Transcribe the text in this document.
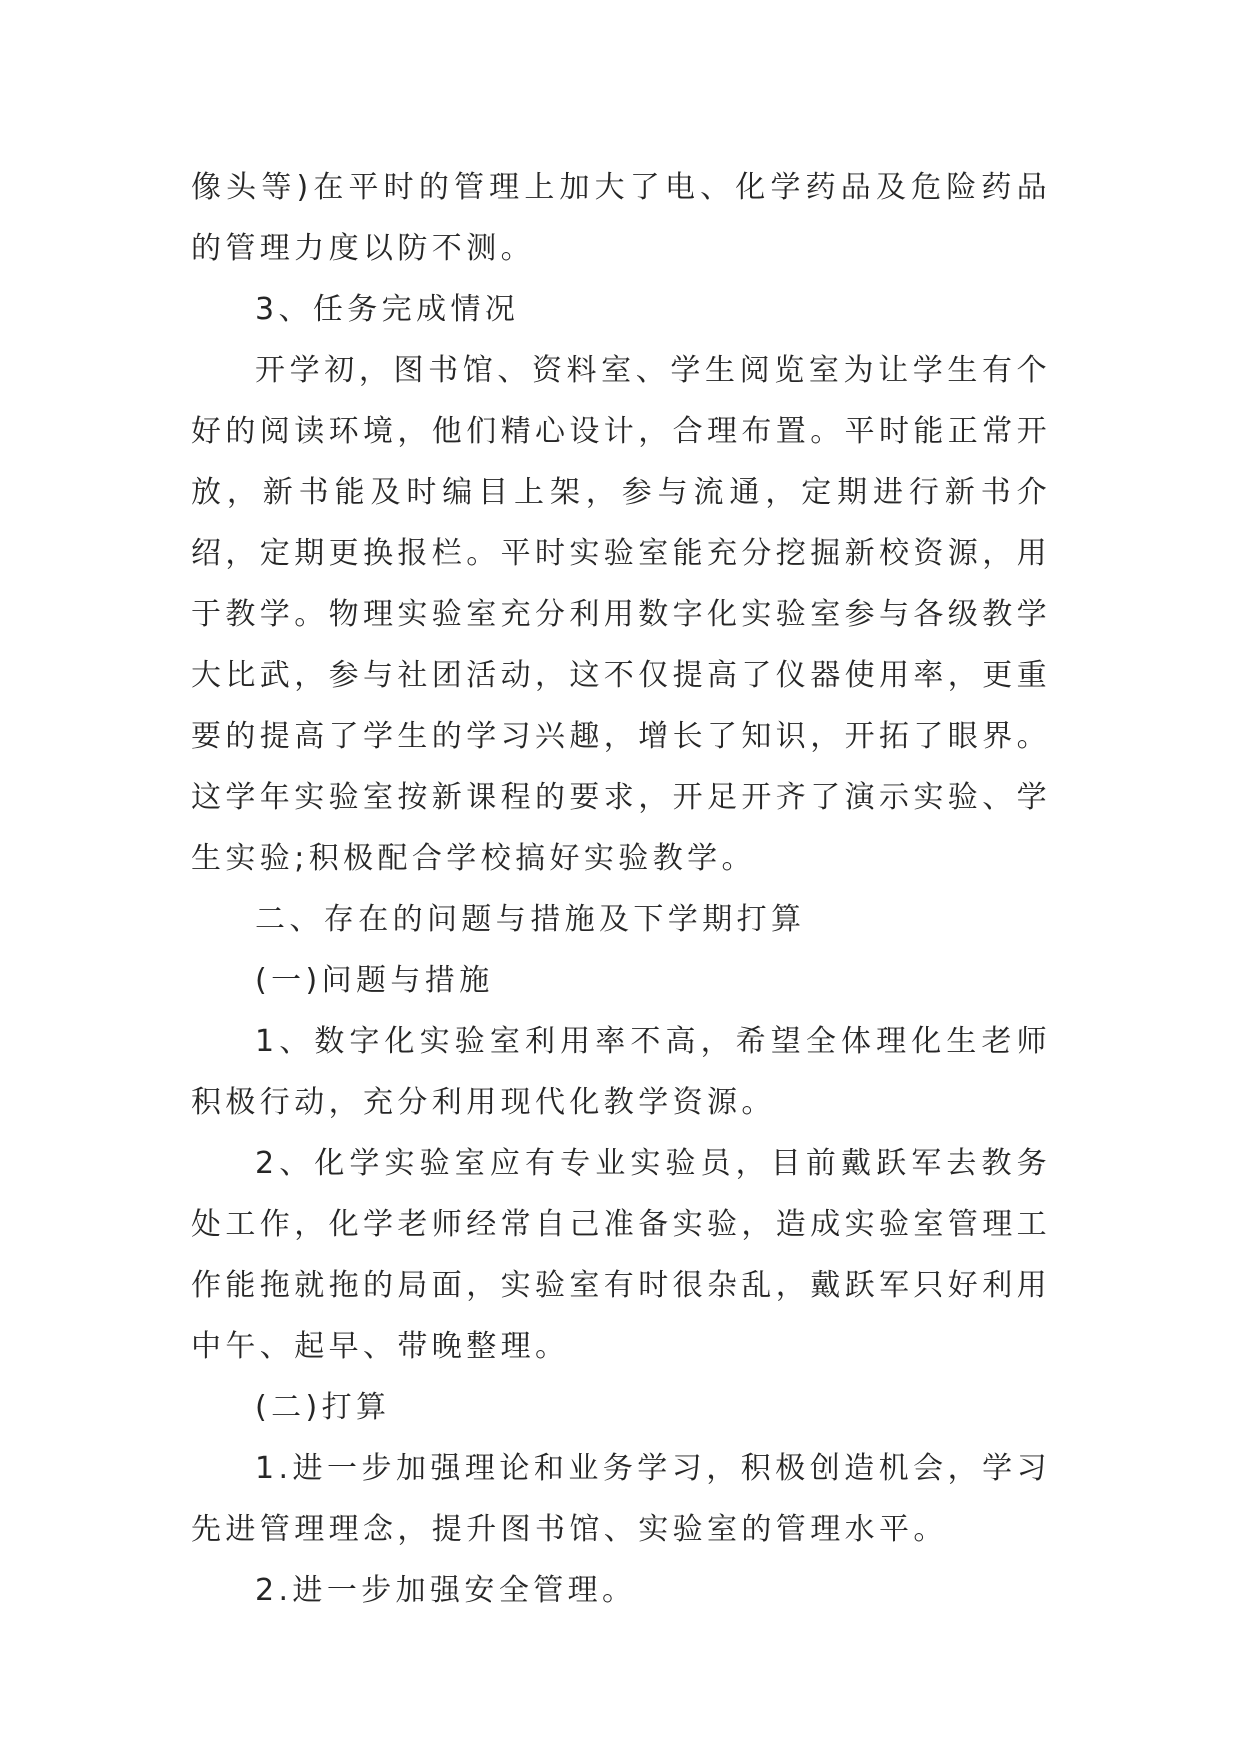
像头等)在平时的管理上加大了电、化学药品及危险药品的管理力度以防不测。

3、任务完成情况

开学初，图书馆、资料室、学生阅览室为让学生有个好的阅读环境，他们精心设计，合理布置。平时能正常开放，新书能及时编目上架，参与流通，定期进行新书介绍，定期更换报栏。平时实验室能充分挖掘新校资源，用于教学。物理实验室充分利用数字化实验室参与各级教学大比武，参与社团活动，这不仅提高了仪器使用率，更重要的提高了学生的学习兴趣，增长了知识，开拓了眼界。这学年实验室按新课程的要求，开足开齐了演示实验、学生实验;积极配合学校搞好实验教学。

二、存在的问题与措施及下学期打算

(一)问题与措施

1、数字化实验室利用率不高，希望全体理化生老师积极行动，充分利用现代化教学资源。

2、化学实验室应有专业实验员，目前戴跃军去教务处工作，化学老师经常自己准备实验，造成实验室管理工作能拖就拖的局面，实验室有时很杂乱，戴跃军只好利用中午、起早、带晚整理。

(二)打算

1.进一步加强理论和业务学习，积极创造机会，学习先进管理理念，提升图书馆、实验室的管理水平。

2.进一步加强安全管理。
